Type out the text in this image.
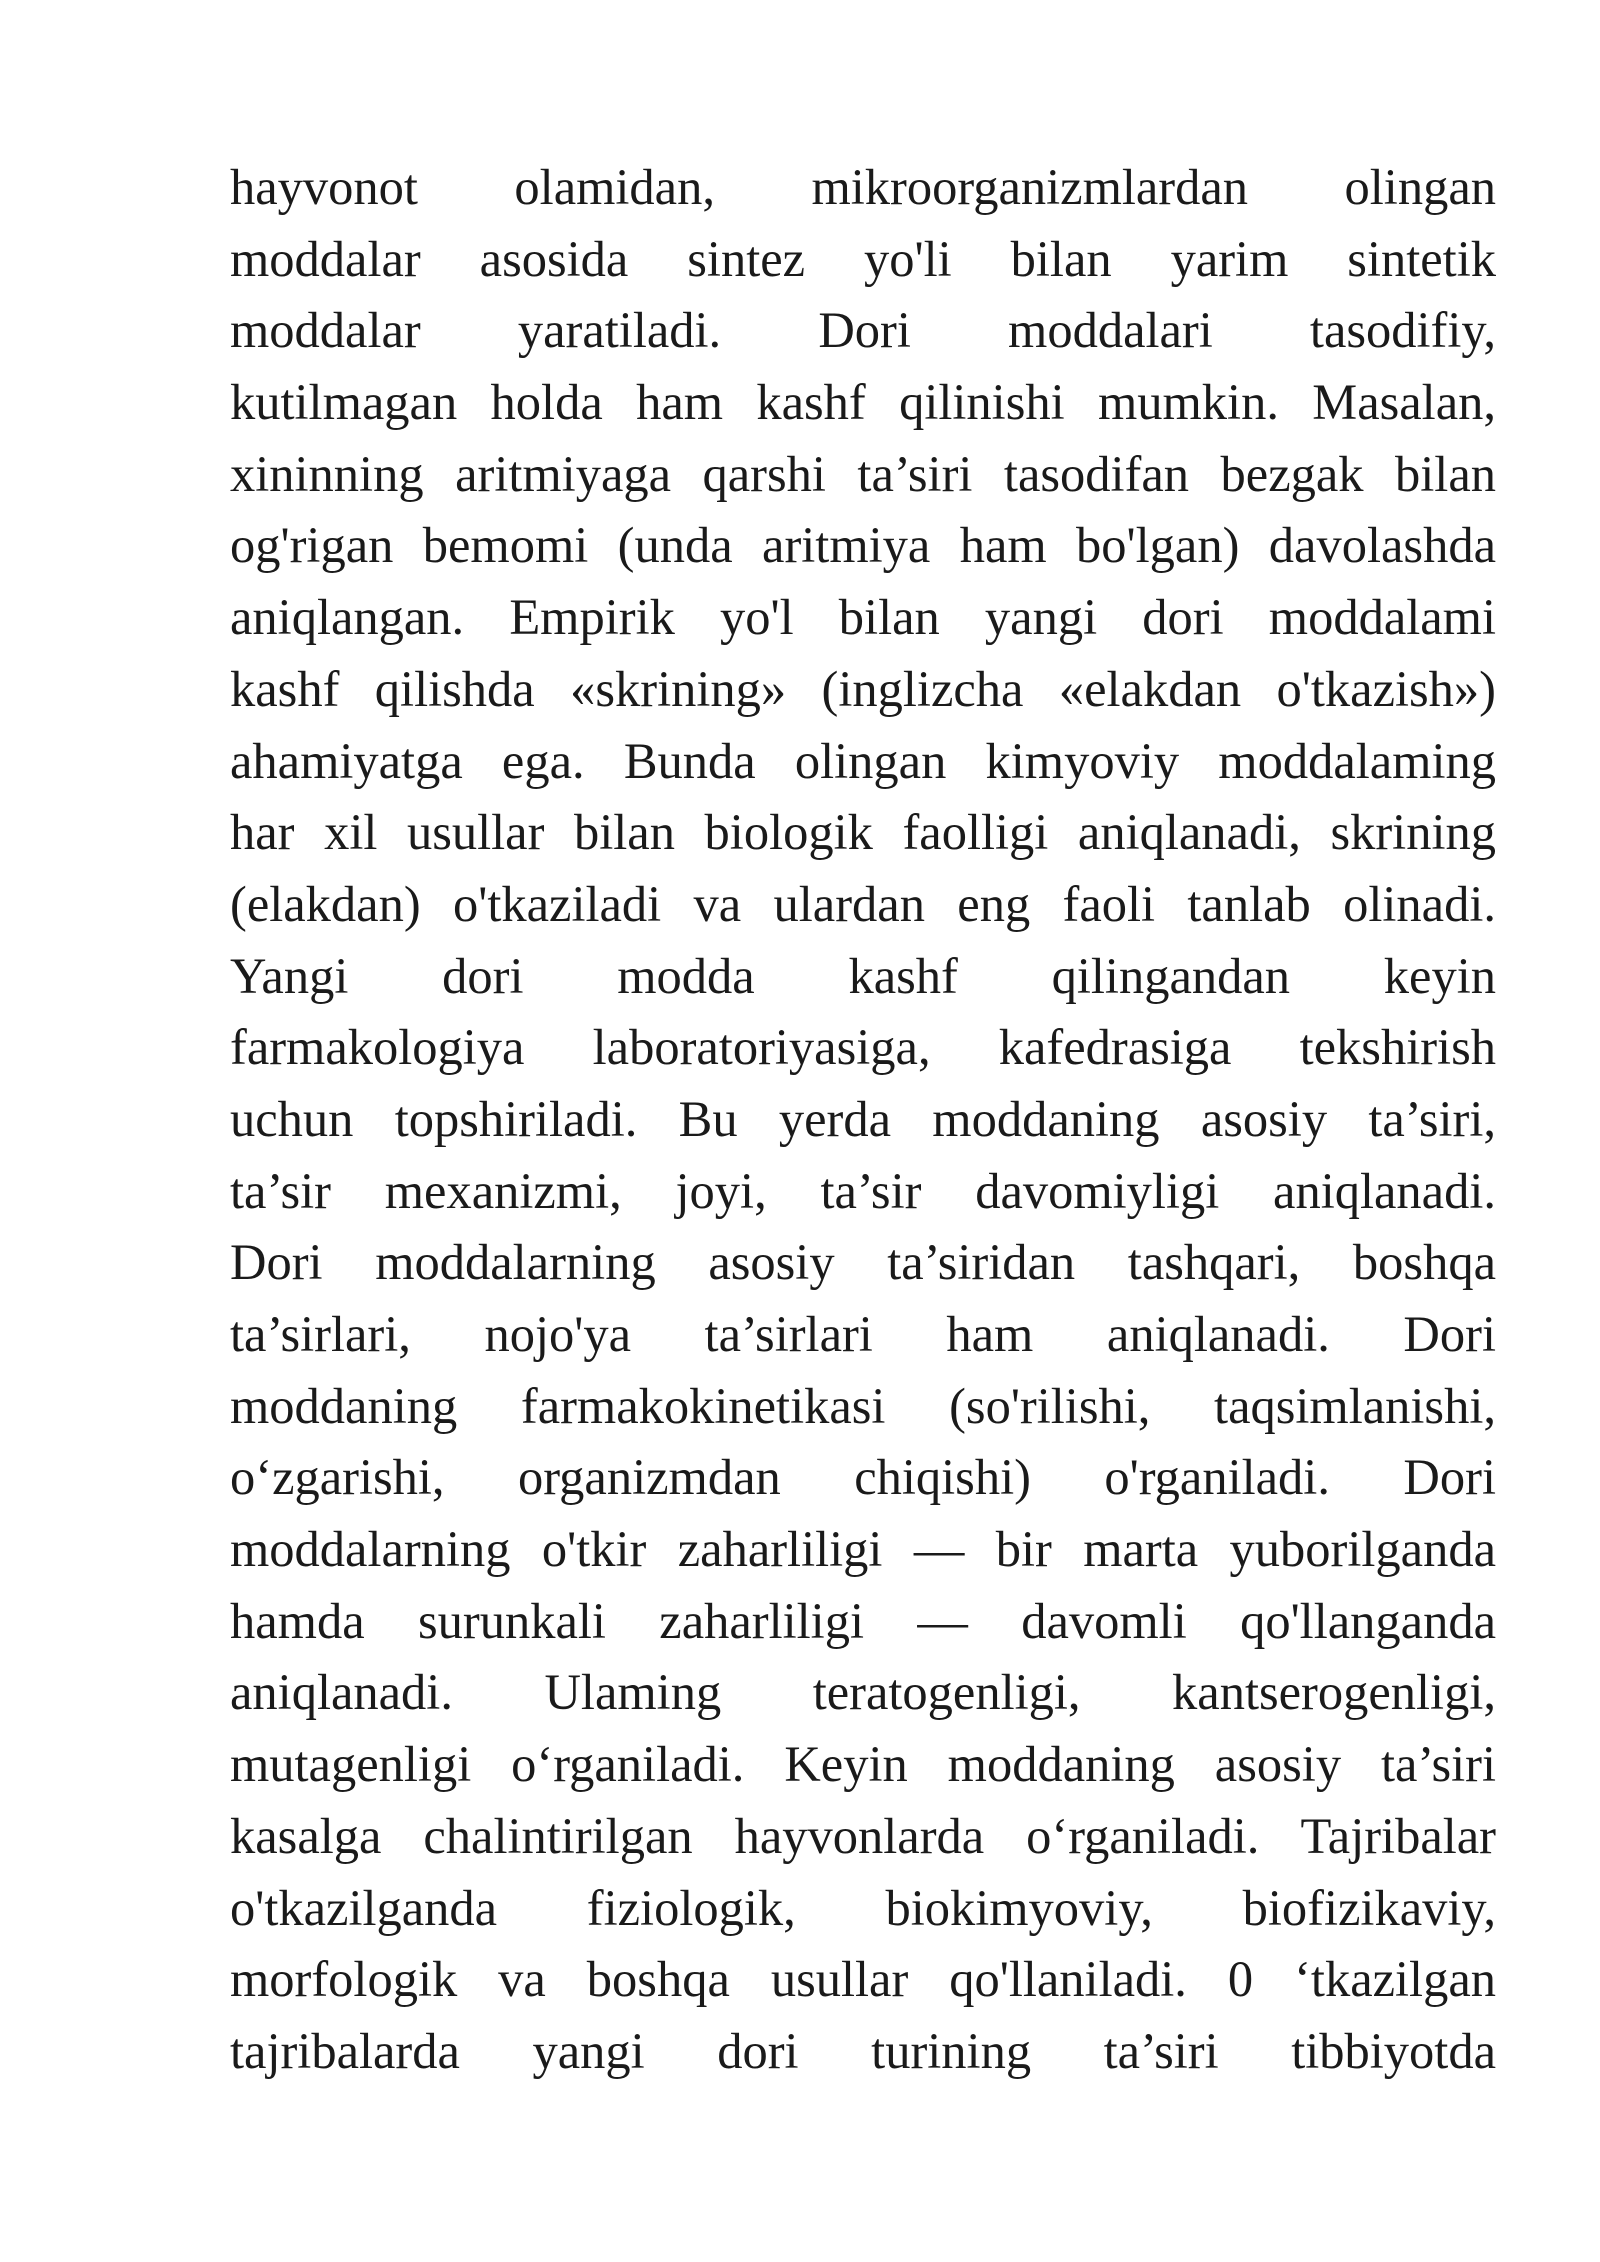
hayvonot olamidan, mikroorganizmlardan olingan
moddalar asosida sintez yo'li bilan yarim sintetik
moddalar yaratiladi. Dori moddalari tasodifiy,
kutilmagan holda ham kashf qilinishi mumkin. Masalan,
xininning aritmiyaga qarshi ta’siri tasodifan bezgak bilan
og'rigan bemomi (unda aritmiya ham bo'lgan) davolashda
aniqlangan. Empirik yo'l bilan yangi dori moddalami
kashf qilishda «skrining» (inglizcha «elakdan o'tkazish»)
ahamiyatga ega. Bunda olingan kimyoviy moddalaming
har xil usullar bilan biologik faolligi aniqlanadi, skrining
(elakdan) o'tkaziladi va ulardan eng faoli tanlab olinadi.
Yangi dori modda kashf qilingandan keyin
farmakologiya laboratoriyasiga, kafedrasiga tekshirish
uchun topshiriladi. Bu yerda moddaning asosiy ta’siri,
ta’sir mexanizmi, joyi, ta’sir davomiyligi aniqlanadi.
Dori moddalarning asosiy ta’siridan tashqari, boshqa
ta’sirlari, nojo'ya ta’sirlari ham aniqlanadi. Dori
moddaning farmakokinetikasi (so'rilishi, taqsimlanishi,
o‘zgarishi, organizmdan chiqishi) o'rganiladi. Dori
moddalarning o'tkir zaharliligi — bir marta yuborilganda
hamda surunkali zaharliligi — davomli qo'llanganda
aniqlanadi. Ulaming teratogenligi, kantserogenligi,
mutagenligi o‘rganiladi. Keyin moddaning asosiy ta’siri
kasalga chalintirilgan hayvonlarda o‘rganiladi. Tajribalar
o'tkazilganda fiziologik, biokimyoviy, biofizikaviy,
morfologik va boshqa usullar qo'llaniladi. 0 ‘tkazilgan
tajribalarda yangi dori turining ta’siri tibbiyotda
